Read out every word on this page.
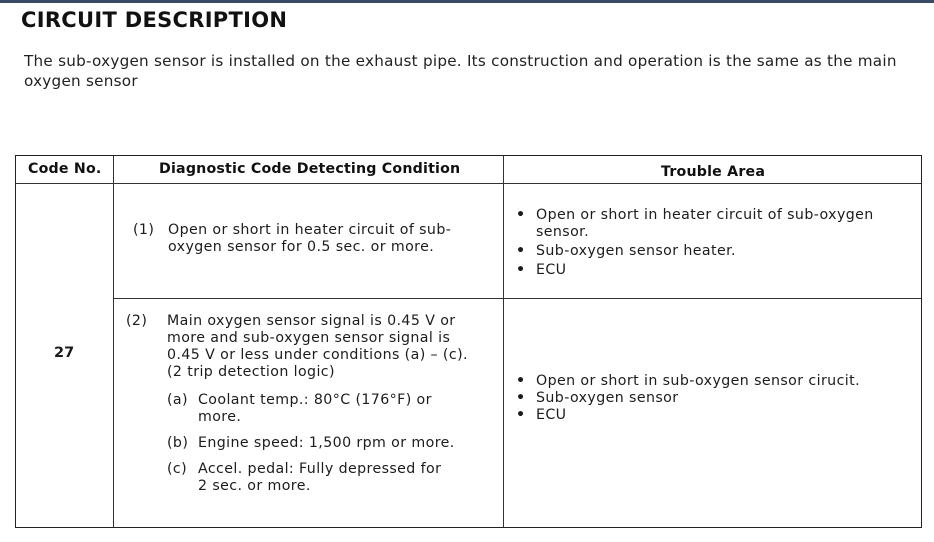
CIRCUIT DESCRIPTION
The sub-oxygen sensor is installed on the exhaust pipe. Its construction and operation is the same as the main oxygen sensor
Code No.	Diagnostic Code Detecting Condition	Trouble Area
27
(1) Open or short in heater circuit of sub-
oxygen sensor for 0.5 sec. or more.
• Open or short in heater circuit of sub-oxygen
sensor.
• Sub-oxygen sensor heater.
• ECU
(2) Main oxygen sensor signal is 0.45 V or
more and sub-oxygen sensor signal is
0.45 V or less under conditions (a) – (c).
(2 trip detection logic)
(a) Coolant temp.: 80°C (176°F) or
more.
(b) Engine speed: 1,500 rpm or more.
(c) Accel. pedal: Fully depressed for
2 sec. or more.
• Open or short in sub-oxygen sensor cirucit.
• Sub-oxygen sensor
• ECU
